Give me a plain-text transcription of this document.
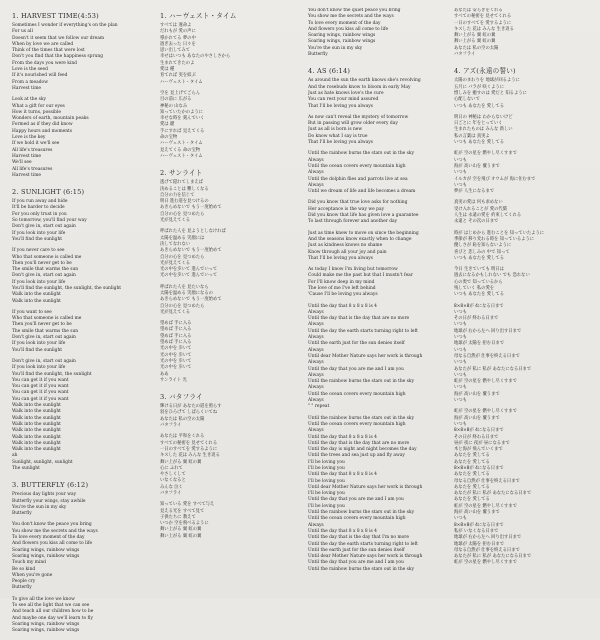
1. HARVEST TIME(4:53)
Sometimes I wonder if everything's on the plan
For us all
Doesn't it seem that we follow our dream
When by love we are called
Think of the times that were lost
Don't you find that the happiness sprung
From the days you were kind
Love is the seed
If it's nourished will feed
From a meadow
Harvest time
Look at the sky
What a gift for our eyes
How it turns, possible
Wonders of earth, mountain peaks
Formed as if they did know
Happy hours and moments
Love is the key
If we hold it we'll see
All life's treasures
Harvest time
We'll see
All life's treasures
Harvest time
2. SUNLIGHT (6:15)
If you run away and hide
It'll be harder to decide
For you only trust in you
So tomorrow, you'll find your way
Don't give in, start out again
If you look into your life
You'll find the sunlight
If you never care to see
Who that someone is called me
Then you'll never get to be
The smile that warms the sun
Don't give in, start out again
If you look into your life
You'll find the sunlight, the sunlight, the sunlight
Walk into the sunlight
Walk into the sunlight
If you want to see
Who that someone is called me
Then you'll never get to be
The smile that warms the sun
Don't give in, start out again
If you look into your life
You'll find the sunlight
Don't give in, start out again
If you look into your life
You'll find the sunlight, the sunlight
You can get it if you want
You can get it if you want
You can get it if you want
You can get it if you want
Walk into the sunlight
Walk into the sunlight
Walk into the sunlight
Walk into the sunlight
Walk into the sunlight
Walk into the sunlight
Walk into the sunlight
Walk into the sunlight
ah
Sunlight, sunlight, sunlight
The sunlight
3. BUTTERFLY (6:12)
Precious day lights your way
Butterfly your wings, stay awhile
You're the sun in my sky
Butterfly
You don't know the peace you bring
You show me the secrets and the ways
To love every moment of the day
And flowers you kiss all come to life
Soaring wings, rainbow wings
Soaring wings, rainbow wings
Touch my mind
Be so kind
When you're gone
People cry
Butterfly
To give all the love we know
To see all the light that we can see
And teach all our children how to be
And maybe one day we'll learn to fly
Soaring wings, rainbow wings
Soaring wings, rainbow wings
1. ハーヴェスト・タイム
すべては 運命よ
だれもが 愛の声に
導かれてる 夢の中
過ぎ去った 日々を
思い出してみて
幸せはいつも あなたのやさしさから
生まれてきたのよ
愛は 種
育てれば 実を結ぶ
ハーヴェスト・タイム
空を 見上げてごらん
目の前に 広がる
神秘の 山なみ
知っていたかのように
幸せな時を 刻んでいく
愛は 鍵
手にすれば 見えてくる
命の宝物
ハーヴェスト・タイム
見えてくる 命の宝物
ハーヴェスト・タイム
2. サンライト
逃げて隠れてしまえば
決めることは 難しくなる
自分の力を信じて
明日 進む道を見つけるの
あきらめないで もう一度始めて
自分の心を 見つめたら
光が見えてくる
呼ばれた人を 見ようとしなければ
太陽を温める 笑顔には
決してなれない
あきらめないで もう一度始めて
自分の心を 見つめたら
光が見えてくる
光の中を歩いて 進んでいって
光の中を歩いて 進んでいって
呼ばれた人を 見たいなら
太陽を温める 笑顔になるの
あきらめないで もう一度始めて
自分の心を 見つめたら
光が見えてくる
望めば 手に入る
望めば 手に入る
望めば 手に入る
望めば 手に入る
光の中を 歩いて
光の中を 歩いて
光の中を 歩いて
光の中を 歩いて
ああ
サンライト 光
3. バタフライ
輝ける日が あなたの道を照らす
羽をひろげて しばらくいてね
あなたは 私の空の太陽
バタフライ
あなたは 平和をくれる
すべての秘密を 見せてくれる
一日のすべてを 愛するように
キスした 花は みんな 生き返る
舞い上がる 翼 虹の翼
心に ふれて
やさしくして
いなくなると
みんな 泣く
バタフライ
知っている 愛を すべて与え
見える光を すべて見て
子供たちに 教えて
いつか 空を飛べるように
舞い上がる 翼 虹の翼
舞い上がる 翼 虹の翼
You don't know the quiet peace you bring
You show me the secrets and the ways
To love every moment of the day
And flowers you kiss all come to life
Soaring wings, rainbow wings
Soaring wings, rainbow wings
You're the sun in my sky
Butterfly
4. AS (6:14)
As around the sun the earth knows she's revolving
And the rosebuds know to bloom in early May
Just as hate knows love's the cure
You can rest your mind assured
That I'll be loving you always
As now can't reveal the mystery of tomorrow
But in passing will grow older every day
Just as all is born is new
Do know what I say is true
That I'll be loving you always
Until the rainbow burns the stars out in the sky
Always
Until the ocean covers every mountain high
Always
Until the dolphin flies and parrots live at sea
Always
Until we dream of life and life becomes a dream
Did you know that true love asks for nothing
Her acceptance is the way we pay
Did you know that life has given love a guarantee
To last through forever and another day
Just as time knew to move on since the beginning
And the seasons know exactly when to change
Just as kindness knows no shame
Know through all your joy and pain
That I'll be loving you always
As today I know I'm living but tomorrow
Could make me the past but that I mustn't fear
For I'll know deep in my mind
The love of me I've left behind
'Cause I'll be loving you always
Until the day that 8 x 8 x 8 is 4
Always
Until the day that is the day that are no more
Always
Until the day the earth starts turning right to left
Always
Until the earth just for the sun denies itself
Always
Until dear Mother Nature says her work is through
Always
Until the day that you are me and I am you
Always
Until the rainbow burns the stars out in the sky
Always
Until the ocean covers every mountain high
Always
" " repeat
Until the rainbow burns the stars out in the sky
Until the ocean covers every mountain high
Always
Until the day that 8 x 8 x 8 is 4
Until the day that is the day that are no more
Until the day is night and night becomes the day
Until the trees and sea just up and fly away
I'll be loving you
I'll be loving you
Until the day that 8 x 8 x 8 is 4
I'll be loving you
Until dear Mother Nature says her work is through
I'll be loving you
Until the day that you are me and I am you
I'll be loving you
Until the rainbow burns the stars out in the sky
Until the ocean covers every mountain high
Always
Until the day that 8 x 8 x 8 is 4
Until the day that is the day that I'm no more
Until the day the earth starts turning right to left
Until the earth just for the sun denies itself
Until dear Mother Nature says her work is through
Until the day that you are me and I am you
Until the rainbow burns the stars out in the sky
あなたは 安らぎをくれる
すべての秘密を 見せてくれる
一日のすべてを 愛するように
キスした 花は みんな 生き返る
舞い上がる 翼 虹の翼
舞い上がる 翼 虹の翼
あなたは 私の空の太陽
バタフライ
4. アズ(永遠の誓い)
太陽のまわりを 地球が回るように
五月に バラが 咲くように
憎しみを 癒すのは 愛だと 知るように
心配しないで
いつも あなたを 愛してる
明日の 神秘は わからないけど
日ごとに 年をとっていく
生まれたものは みんな 新しい
私の言葉は 真実よ
いつも あなたを 愛してる
虹が 空の星を 燃やし尽くすまで
いつも
海が 高い山を 覆うまで
いつも
イルカが 空を飛び オウムが 海に住むまで
いつも
夢が 人生になるまで
真実の愛は 何も求めない
受け入れることが 愛の代償
人生は 永遠の愛を 約束してくれる
永遠と その次の日まで
時が はじめから 進むことを 知っていたように
季節が 移り変わる時を 知っているように
優しさが 恥を知らないように
喜びと 悲しみの 中で 知って
いつも あなたを 愛してる
今日 生きていても 明日は
過去になるかもしれない でも 恐れない
心の奥で 知っているから
残していく 私の愛を
いつも あなたを 愛してる
8×8×8が 4になる日まで
いつも
その日が 終わる日まで
いつも
地球が 右から左へ 回り出す日まで
いつも
地球が 太陽を 拒む日まで
いつも
母なる自然が 仕事を終える日まで
いつも
あなたが 私に 私が あなたになる日まで
いつも
虹が 空の星を 燃やし尽くすまで
いつも
海が 高い山を 覆うまで
いつも
虹が 空の星を 燃やし尽くすまで
海が 高い山を 覆うまで
いつも
8×8×8が 4になる日まで
その日が 終わる日まで
昼が 夜に 夜が 昼になるまで
木と海が 飛んでいくまで
あなたを 愛してる
あなたを 愛してる
8×8×8が 4になる日まで
あなたを 愛してる
母なる自然が 仕事を終える日まで
あなたを 愛してる
あなたが 私に 私が あなたになる日まで
あなたを 愛してる
虹が 空の星を 燃やし尽くすまで
海が 高い山を 覆うまで
いつも
8×8×8が 4になる日まで
私が いなくなる日まで
地球が 右から左へ 回り出す日まで
地球が 太陽を 拒む日まで
母なる自然が 仕事を終える日まで
あなたが 私に 私が あなたになる日まで
虹が 空の星を 燃やし尽くすまで
